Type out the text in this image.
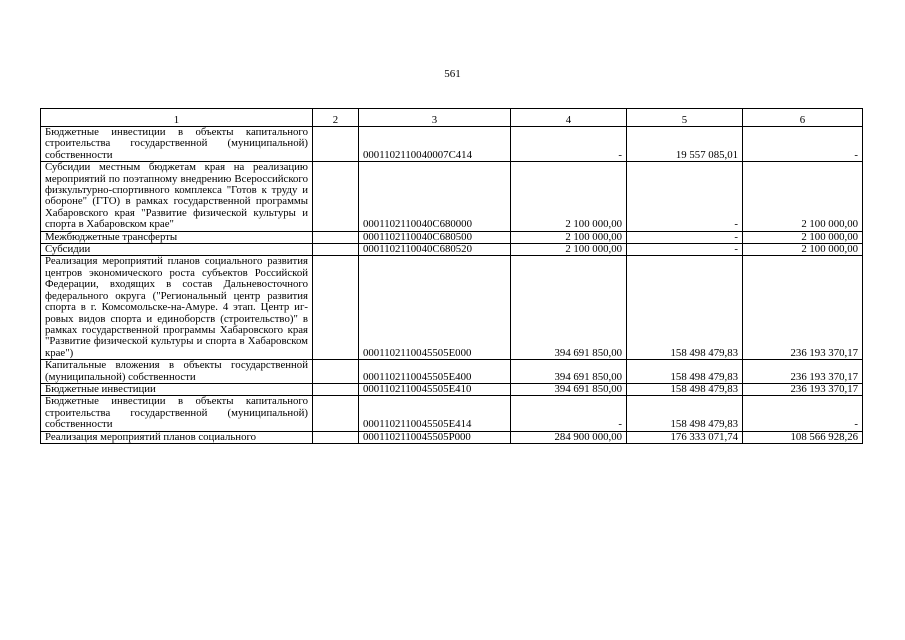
561
1	2	3	4	5	6
Бюджетные инвестиции в объекты капитального строительства государственной (муниципальной) собственности		0001102110040007C414	-	19 557 085,01	-
Субсидии местным бюджетам края на реализацию мероприятий по поэтапному внедрению Всероссийского физкультурно-спортивного комплекса "Готов к труду и обороне" (ГТО) в рамках государственной программы Хабаровского края "Развитие физической культуры и спорта в Хабаровском крае"		0001102110040C680000	2 100 000,00	-	2 100 000,00
Межбюджетные трансферты		0001102110040C680500	2 100 000,00	-	2 100 000,00
Субсидии		0001102110040C680520	2 100 000,00	-	2 100 000,00
Реализация мероприятий планов социального развития центров экономического роста субъектов Российской Федерации, входящих в состав Дальневосточного федерального округа ("Региональный центр развития спорта в г. Комсомольске-на-Амуре. 4 этап. Центр игровых видов спорта и единоборств (строительство)" в рамках государственной программы Хабаровского края "Развитие физической культуры и спорта в Хабаровском крае")		0001102110045505E000	394 691 850,00	158 498 479,83	236 193 370,17
Капитальные вложения в объекты государственной (муниципальной) собственности		0001102110045505E400	394 691 850,00	158 498 479,83	236 193 370,17
Бюджетные инвестиции		0001102110045505E410	394 691 850,00	158 498 479,83	236 193 370,17
Бюджетные инвестиции в объекты капитального строительства государственной (муниципальной) собственности		0001102110045505E414	-	158 498 479,83	-
Реализация мероприятий планов социального		0001102110045505P000	284 900 000,00	176 333 071,74	108 566 928,26
